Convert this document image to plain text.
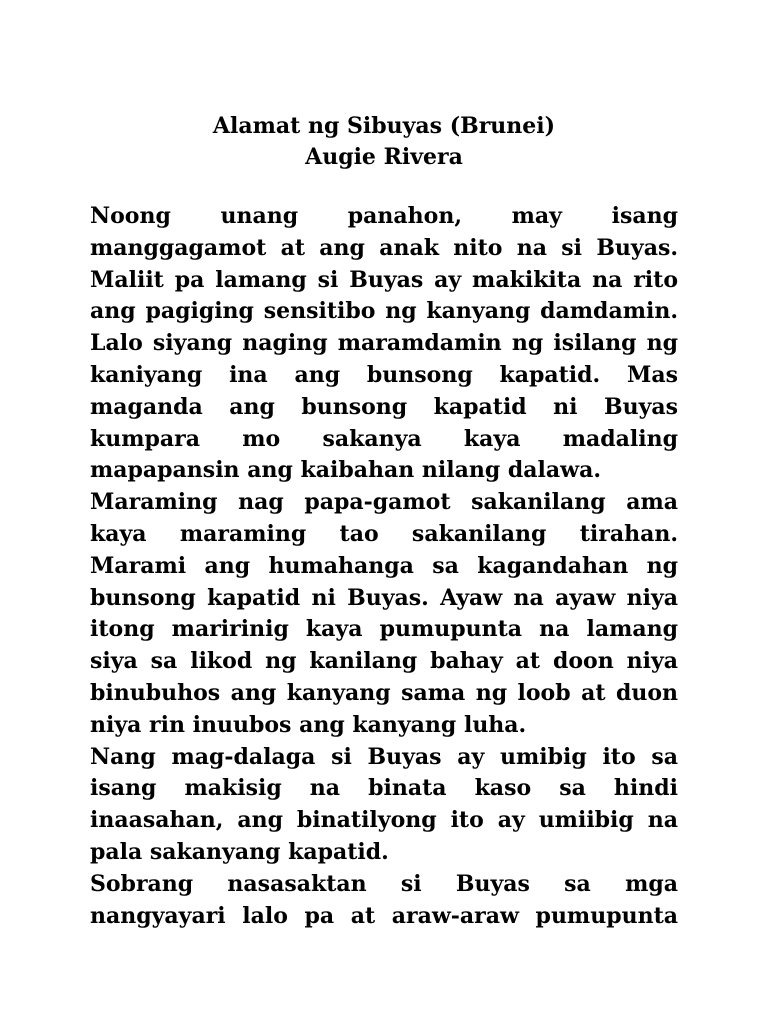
Alamat ng Sibuyas (Brunei)
Augie Rivera
Noong unang panahon, may isang
manggagamot at ang anak nito na si Buyas.
Maliit pa lamang si Buyas ay makikita na rito
ang pagiging sensitibo ng kanyang damdamin.
Lalo siyang naging maramdamin ng isilang ng
kaniyang ina ang bunsong kapatid. Mas
maganda ang bunsong kapatid ni Buyas
kumpara mo sakanya kaya madaling
mapapansin ang kaibahan nilang dalawa.
Maraming nag papa-gamot sakanilang ama
kaya maraming tao sakanilang tirahan.
Marami ang humahanga sa kagandahan ng
bunsong kapatid ni Buyas. Ayaw na ayaw niya
itong maririnig kaya pumupunta na lamang
siya sa likod ng kanilang bahay at doon niya
binubuhos ang kanyang sama ng loob at duon
niya rin inuubos ang kanyang luha.
Nang mag-dalaga si Buyas ay umibig ito sa
isang makisig na binata kaso sa hindi
inaasahan, ang binatilyong ito ay umiibig na
pala sakanyang kapatid.
Sobrang nasasaktan si Buyas sa mga
nangyayari lalo pa at araw-araw pumupunta
